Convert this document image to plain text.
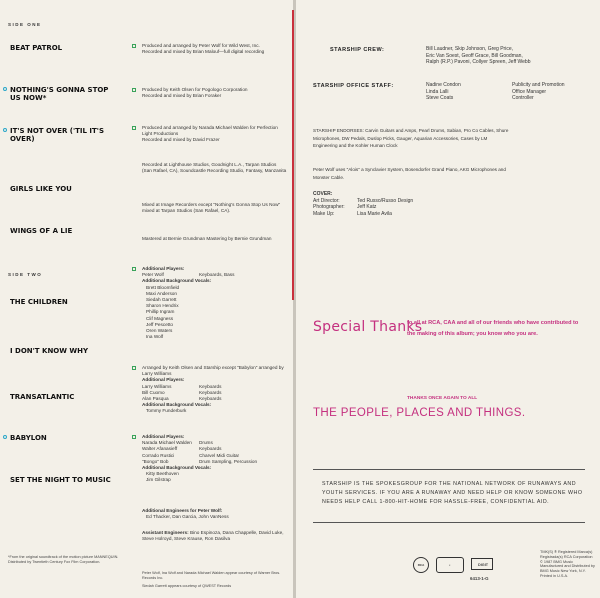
SIDE ONE
BEAT PATROL
NOTHING'S GONNA STOP US NOW*
IT'S NOT OVER ('TIL IT'S OVER)
GIRLS LIKE YOU
WINGS OF A LIE
SIDE TWO
THE CHILDREN
I DON'T KNOW WHY
TRANSATLANTIC
BABYLON
SET THE NIGHT TO MUSIC
Produced and arranged by Peter Wolf for Wild West, Inc.
Recorded and mixed by Brian Malouf—full digital recording
Produced by Keith Olsen for Pogologo Corporation
Recorded and mixed by Brian Foraker
Produced and arranged by Narada Michael Walden for Perfection Light Productions
Recorded and mixed by David Frazer
Recorded at Lighthouse Studios, Goodnight L.A., Tarpan Studios (San Rafael, CA), Soundcastle Recording Studio, Fantasy, Manzanita
Mixed at Image Recorders except "Nothing's Gonna Stop Us Now" mixed at Tarpan Studios (San Rafael, CA).
Mastered at Bernie Grundman Mastering by Bernie Grundman
Additional Players:
Peter Wolf	Keyboards, Bass
Additional Background Vocals:
Brett Bloomfield
Maxi Anderson
Siedah Garrett
Sharon Hendrix
Phillip Ingram
Clif Magness
Jeff Pescetto
Oren Waters
Ina Wolf
Arranged by Keith Olsen and Starship except "Babylon" arranged by Larry Williams
Additional Players:
Larry Williams	Keyboards
Bill Cuomo	Keyboards
Alan Pasqua	Keyboards
Additional Background Vocals:
Tommy Funderburk
Additional Players:
Narada Michael Walden	Drums
Walter Afanasieff	Keyboards
Corrado Rustici	Charvel Midi Guitar
"Bongo" Bob	Drum Sampling, Percussion
Additional Background Vocals:
Kitty Beethoven
Jim Gilstrap
Additional Engineers for Peter Wolf:
Ed Thacker, Dan Garcia, John VanNess
Assistant Engineers: Bino Espinoza, Dana Chappelle, David Luke, Steve Holroyd, Steve Krause, Ron Dasilva
Peter Wolf, Ina Wolf and Narada Michael Walden appear courtesy of Warner Bros. Records Inc.
Siedah Garrett appears courtesy of QWEST Records
*From the original soundtrack of the motion picture MANNEQUIN. Distributed by Twentieth Century Fox Film Corporation.
STARSHIP CREW:	Bill Laudner, Skip Johnson, Greg Price,
Eric Van Soest, Geoff Grace, Bill Goodman,
Ralph (R.P.) Pavoni, Collyer Spreen, Jeff Webb
STARSHIP OFFICE STAFF:	Nadine Condon	Publicity and Promotion
Linda Lalli	Office Manager
Steve Coats	Controller
STARSHIP ENDORSES: Carvin Guitars and Amps, Pearl Drums, Sabian, Pro Co Cables, Shure Microphones, DW Pedals, Duslop Picks, Gauger, Aquarian Accessories, Cases by LM Engineering and the Kohler Human Clock
Peter Wolf uses "Alois" a Synclavier System, Bosendorfer Grand Piano, AKG Microphones and Monster Cable.
COVER:
Art Director:	Ted Russo/Russo Design
Photographer:	Jeff Katz
Make Up:	Lisa Marie Avila
Special Thanks
to all at RCA, CAA and all of our friends who have contributed to the making of this album; you know who you are.
THANKS ONCE AGAIN TO ALL
THE PEOPLE, PLACES AND THINGS.
STARSHIP IS THE SPOKESGROUP FOR THE NATIONAL NETWORK OF RUNAWAYS AND YOUTH SERVICES. IF YOU ARE A RUNAWAY AND NEED HELP OR KNOW SOMEONE WHO NEEDS HELP CALL 1-800-HIT-HOME FOR HASSLE-FREE, CONFIDENTIAL AID.
RCA	◐	DIGIT
6413-1-G
TMK(S) ® Registered Marca(s) Registrada(s) RCA Corporation © 1987 BMG Music Manufactured and Distributed by BMG Music New York, N.Y. Printed in U.S.A.
